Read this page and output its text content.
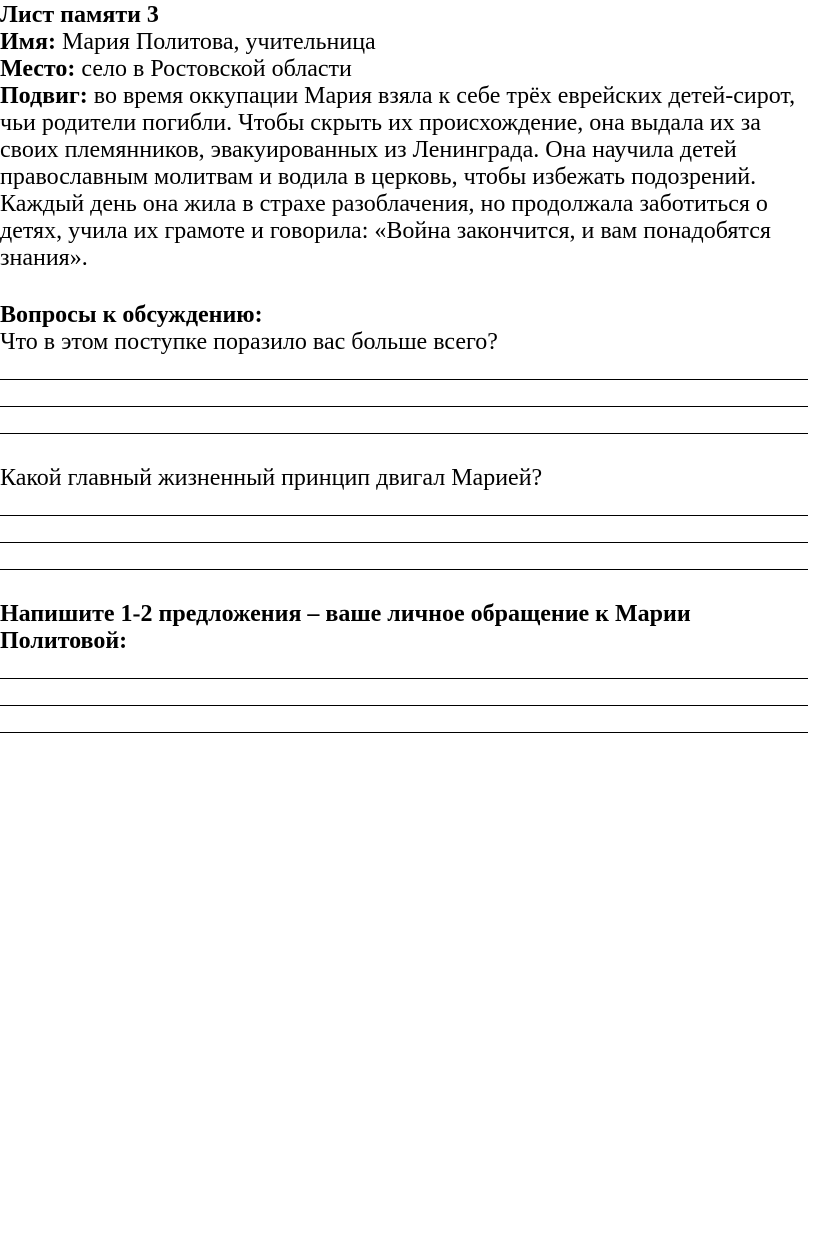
Лист памяти 3
Имя: Мария Политова, учительница
Место: село в Ростовской области
Подвиг: во время оккупации Мария взяла к себе трёх еврейских детей-сирот, чьи родители погибли. Чтобы скрыть их происхождение, она выдала их за своих племянников, эвакуированных из Ленинграда. Она научила детей православным молитвам и водила в церковь, чтобы избежать подозрений. Каждый день она жила в страхе разоблачения, но продолжала заботиться о детях, учила их грамоте и говорила: «Война закончится, и вам понадобятся знания».
Вопросы к обсуждению:
Что в этом поступке поразило вас больше всего?
Какой главный жизненный принцип двигал Марией?
Напишите 1-2 предложения – ваше личное обращение к Марии Политовой:
